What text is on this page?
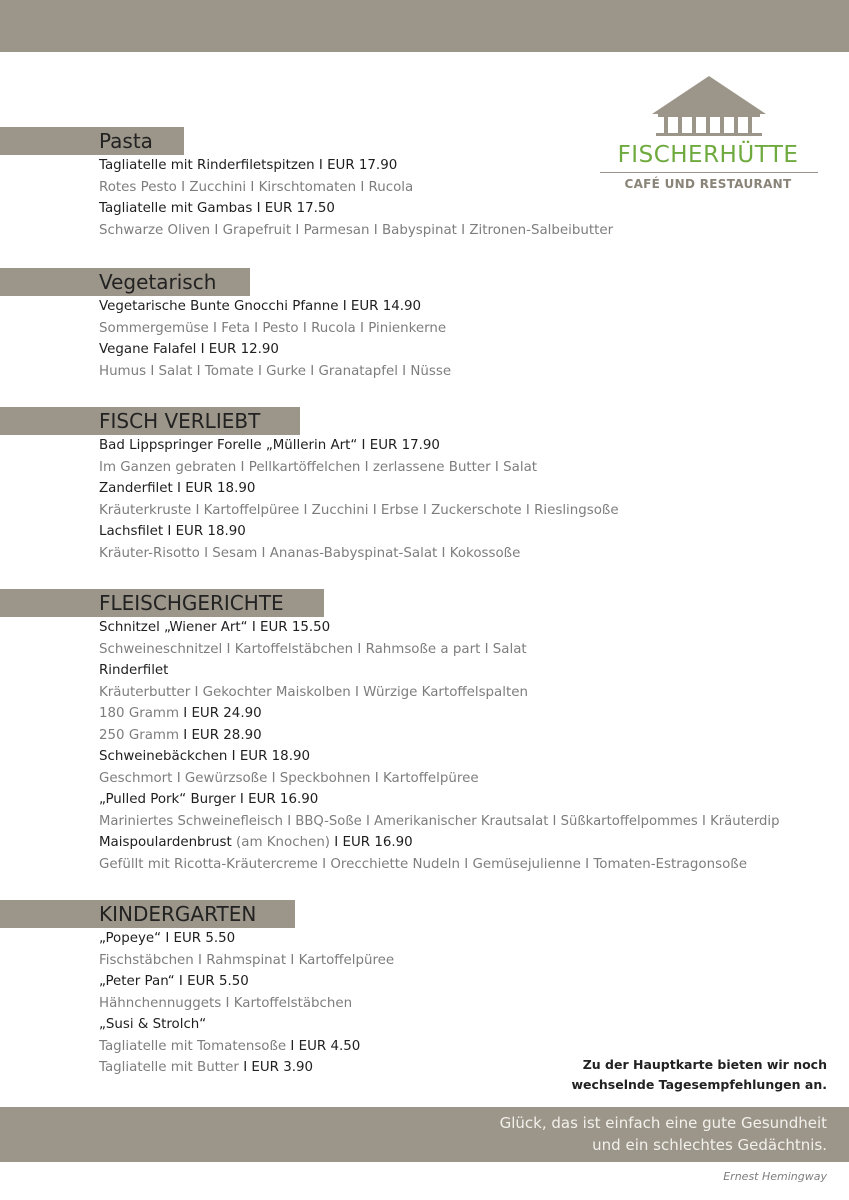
FISCHERHÜTTE
CAFÉ UND RESTAURANT
Pasta
Tagliatelle mit Rinderfiletspitzen I EUR 17.90
Rotes Pesto I Zucchini I Kirschtomaten I Rucola
Tagliatelle mit Gambas I EUR 17.50
Schwarze Oliven I Grapefruit I Parmesan I Babyspinat I Zitronen-Salbeibutter
Vegetarisch
Vegetarische Bunte Gnocchi Pfanne I EUR 14.90
Sommergemüse I Feta I Pesto I Rucola I Pinienkerne
Vegane Falafel I EUR 12.90
Humus I Salat I Tomate I Gurke I Granatapfel I Nüsse
FISCH VERLIEBT
Bad Lippspringer Forelle „Müllerin Art“ I EUR 17.90
Im Ganzen gebraten I Pellkartöffelchen I zerlassene Butter I Salat
Zanderfilet I EUR 18.90
Kräuterkruste I Kartoffelpüree I Zucchini I Erbse I Zuckerschote I Rieslingsoße
Lachsfilet I EUR 18.90
Kräuter-Risotto I Sesam I Ananas-Babyspinat-Salat I Kokossoße
FLEISCHGERICHTE
Schnitzel „Wiener Art“ I EUR 15.50
Schweineschnitzel I Kartoffelstäbchen I Rahmsoße a part I Salat
Rinderfilet
Kräuterbutter I Gekochter Maiskolben I Würzige Kartoffelspalten
180 Gramm I EUR 24.90
250 Gramm I EUR 28.90
Schweinebäckchen I EUR 18.90
Geschmort I Gewürzsoße I Speckbohnen I Kartoffelpüree
„Pulled Pork“ Burger I EUR 16.90
Mariniertes Schweinefleisch I BBQ-Soße I Amerikanischer Krautsalat I Süßkartoffelpommes I Kräuterdip
Maispoulardenbrust (am Knochen) I EUR 16.90
Gefüllt mit Ricotta-Kräutercreme I Orecchiette Nudeln I Gemüsejulienne I Tomaten-Estragonsoße
KINDERGARTEN
„Popeye“ I EUR 5.50
Fischstäbchen I Rahmspinat I Kartoffelpüree
„Peter Pan“ I EUR 5.50
Hähnchennuggets I Kartoffelstäbchen
„Susi & Strolch“
Tagliatelle mit Tomatensoße I EUR 4.50
Tagliatelle mit Butter I EUR 3.90	Zu der Hauptkarte bieten wir noch
wechselnde Tagesempfehlungen an.
Glück, das ist einfach eine gute Gesundheit
und ein schlechtes Gedächtnis.
Ernest Hemingway
